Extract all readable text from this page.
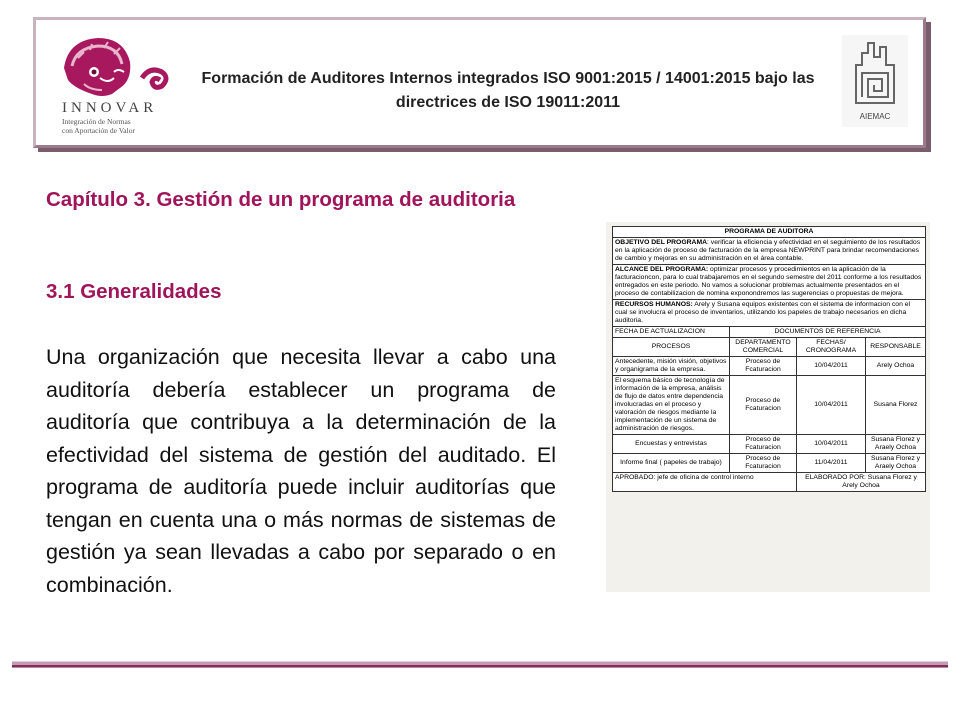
INNOVAR
Integración de Normas
con Aportación de Valor
Formación de Auditores Internos integrados ISO 9001:2015 / 14001:2015 bajo las directrices de ISO 19011:2011
AIEMAC
Capítulo 3. Gestión de un programa de auditoria
3.1 Generalidades
Una organización que necesita llevar a cabo una auditoría debería establecer un programa de auditoría que contribuya a la determinación de la efectividad del sistema de gestión del auditado. El programa de auditoría puede incluir auditorías que tengan en cuenta una o más normas de sistemas de gestión ya sean llevadas a cabo por separado o en combinación.
PROGRAMA DE AUDITORA			
OBJETIVO DEL PROGRAMA: verificar la eficiencia y efectividad en el seguimiento de los resultados en la aplicación de proceso de facturación de la empresa NEWPRINT para brindar recomendaciones de cambio y mejoras en su administración en el área contable.			
ALCANCE DEL PROGRAMA: optimizar procesos y procedimientos en la aplicación de la facturacioncon, para lo cual trabajaremos en el segundo semestre del 2011 conforme a los resultados entregados en este periodo. No vamos a solucionar problemas actualmente presentados en el proceso de contabilizacion de nomina exponondremos las sugerencias o propuestas de mejora.			
RECURSOS HUMANOS: Arely y Susana equipos existentes con el sistema de informacion con el cual se involucra el proceso de inventarios, utilizando los papeles de trabajo necesarios en dicha auditoria.			
FECHA DE ACTUALIZACION	DOCUMENTOS DE REFERENCIA		
PROCESOS	DEPARTAMENTO COMERCIAL	FECHAS/ CRONOGRAMA	RESPONSABLE
Antecedente, misión visión, objetivos y organigrama de la empresa.	Proceso de Fcaturacion	10/04/2011	Arely Ochoa
El esquema básico de tecnología de información de la empresa, análisis de flujo de datos entre dependencia involucradas en el proceso y valoración de riesgos mediante la implementación de un sistema de administración de riesgos.	Proceso de Fcaturacion	10/04/2011	Susana Florez
Encuestas y entrevistas	Proceso de Fcaturacion	10/04/2011	Susana Florez y Araely Ochoa
Informe final ( papeles de trabajo)	Proceso de Fcaturacion	11/04/2011	Susana Florez y Araely Ochoa
APROBADO: jefe de oficina de control interno		ELABORADO POR: Susana Florez y Arely Ochoa	
